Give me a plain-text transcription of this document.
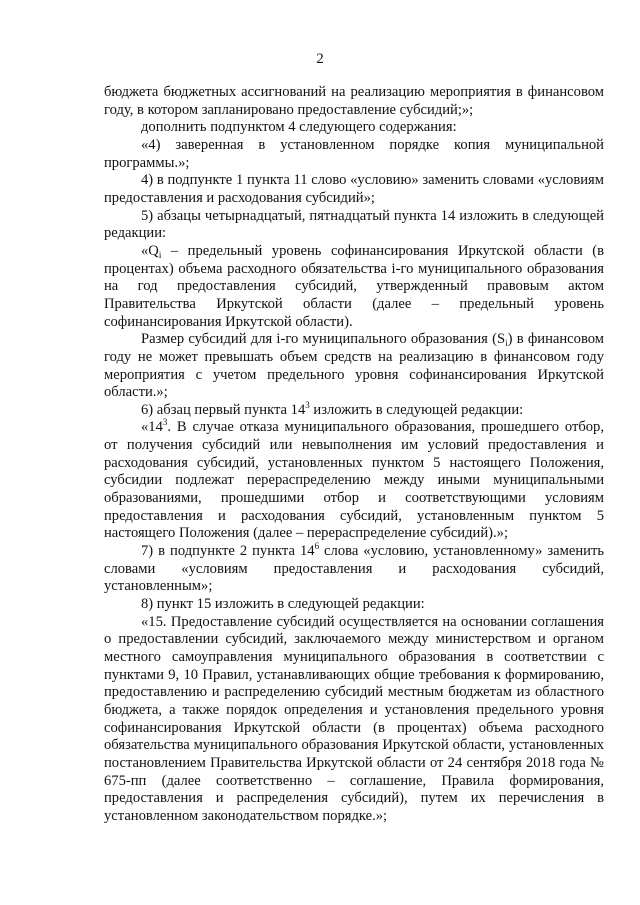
2

бюджета бюджетных ассигнований на реализацию мероприятия в финансовом году, в котором запланировано предоставление субсидий;»;

дополнить подпунктом 4 следующего содержания:

«4) заверенная в установленном порядке копия муниципальной программы.»;

4) в подпункте 1 пункта 11 слово «условию» заменить словами «условиям предоставления и расходования субсидий»;

5) абзацы четырнадцатый, пятнадцатый пункта 14 изложить в следующей редакции:

«$Q_i$ – предельный уровень софинансирования Иркутской области (в процентах) объема расходного обязательства i-го муниципального образования на год предоставления субсидий, утвержденный правовым актом Правительства Иркутской области (далее – предельный уровень софинансирования Иркутской области).

Размер субсидий для i-го муниципального образования $(S_i)$ в финансовом году не может превышать объем средств на реализацию в финансовом году мероприятия с учетом предельного уровня софинансирования Иркутской области.»;

6) абзац первый пункта $14^3$ изложить в следующей редакции:

«$14^3$. В случае отказа муниципального образования, прошедшего отбор, от получения субсидий или невыполнения им условий предоставления и расходования субсидий, установленных пунктом 5 настоящего Положения, субсидии подлежат перераспределению между иными муниципальными образованиями, прошедшими отбор и соответствующими условиям предоставления и расходования субсидий, установленным пунктом 5 настоящего Положения (далее – перераспределение субсидий).»;

7) в подпункте 2 пункта $14^6$ слова «условию, установленному» заменить словами «условиям предоставления и расходования субсидий, установленным»;

8) пункт 15 изложить в следующей редакции:

«15. Предоставление субсидий осуществляется на основании соглашения о предоставлении субсидий, заключаемого между министерством и органом местного самоуправления муниципального образования в соответствии с пунктами 9, 10 Правил, устанавливающих общие требования к формированию, предоставлению и распределению субсидий местным бюджетам из областного бюджета, а также порядок определения и установления предельного уровня софинансирования Иркутской области (в процентах) объема расходного обязательства муниципального образования Иркутской области, установленных постановлением Правительства Иркутской области от 24 сентября 2018 года № 675-пп (далее соответственно – соглашение, Правила формирования, предоставления и распределения субсидий), путем их перечисления в установленном законодательством порядке.»;
